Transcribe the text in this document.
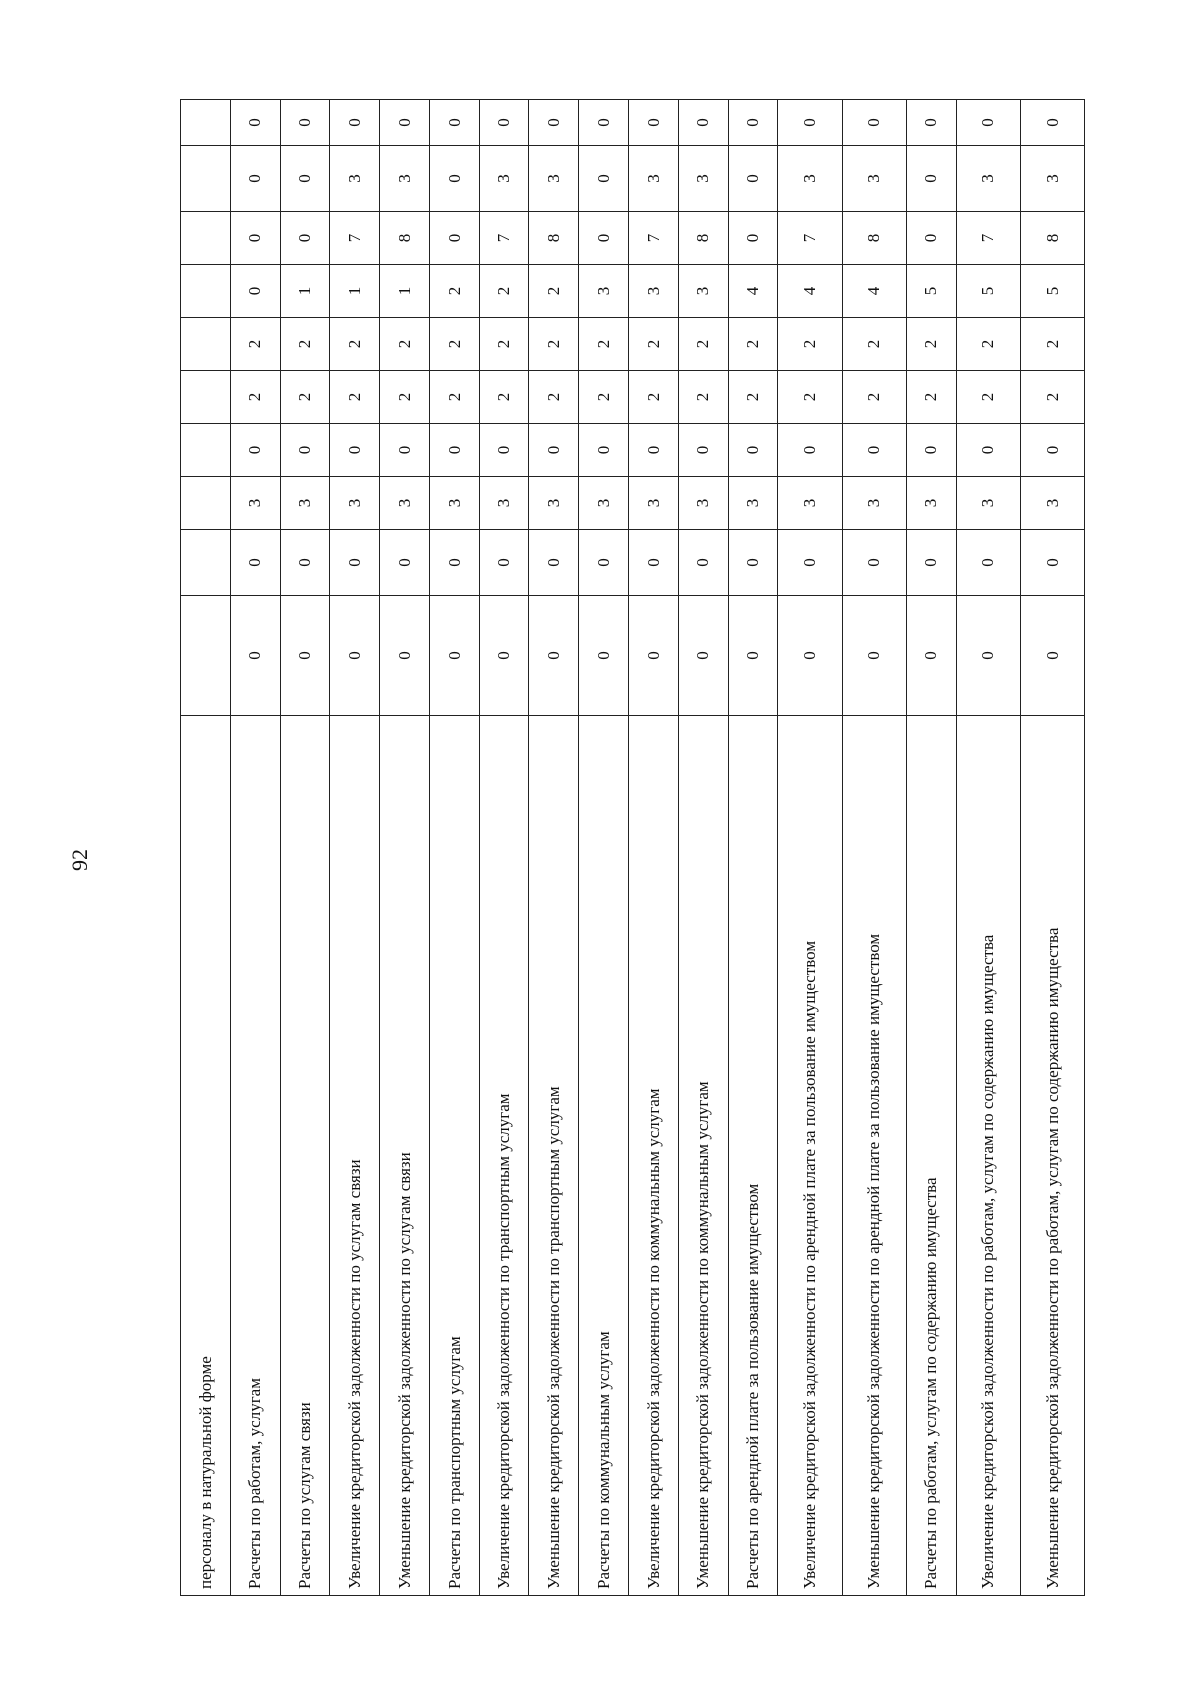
92
персоналу в натуральной форме										
Расчеты по работам, услугам	0	0	3	0	2	2	0	0	0	0
Расчеты по услугам связи	0	0	3	0	2	2	1	0	0	0
Увеличение кредиторской задолженности по услугам связи	0	0	3	0	2	2	1	7	3	0
Уменьшение кредиторской задолженности по услугам связи	0	0	3	0	2	2	1	8	3	0
Расчеты по транспортным услугам	0	0	3	0	2	2	2	0	0	0
Увеличение кредиторской задолженности по транспортным услугам	0	0	3	0	2	2	2	7	3	0
Уменьшение кредиторской задолженности по транспортным услугам	0	0	3	0	2	2	2	8	3	0
Расчеты по коммунальным услугам	0	0	3	0	2	2	3	0	0	0
Увеличение кредиторской задолженности по коммунальным услугам	0	0	3	0	2	2	3	7	3	0
Уменьшение кредиторской задолженности по коммунальным услугам	0	0	3	0	2	2	3	8	3	0
Расчеты по арендной плате за пользование имуществом	0	0	3	0	2	2	4	0	0	0
Увеличение кредиторской задолженности по арендной плате за пользование имуществом	0	0	3	0	2	2	4	7	3	0
Уменьшение кредиторской задолженности по арендной плате за пользование имуществом	0	0	3	0	2	2	4	8	3	0
Расчеты по работам, услугам по содержанию имущества	0	0	3	0	2	2	5	0	0	0
Увеличение кредиторской задолженности по работам, услугам по содержанию имущества	0	0	3	0	2	2	5	7	3	0
Уменьшение кредиторской задолженности по работам, услугам по содержанию имущества	0	0	3	0	2	2	5	8	3	0
